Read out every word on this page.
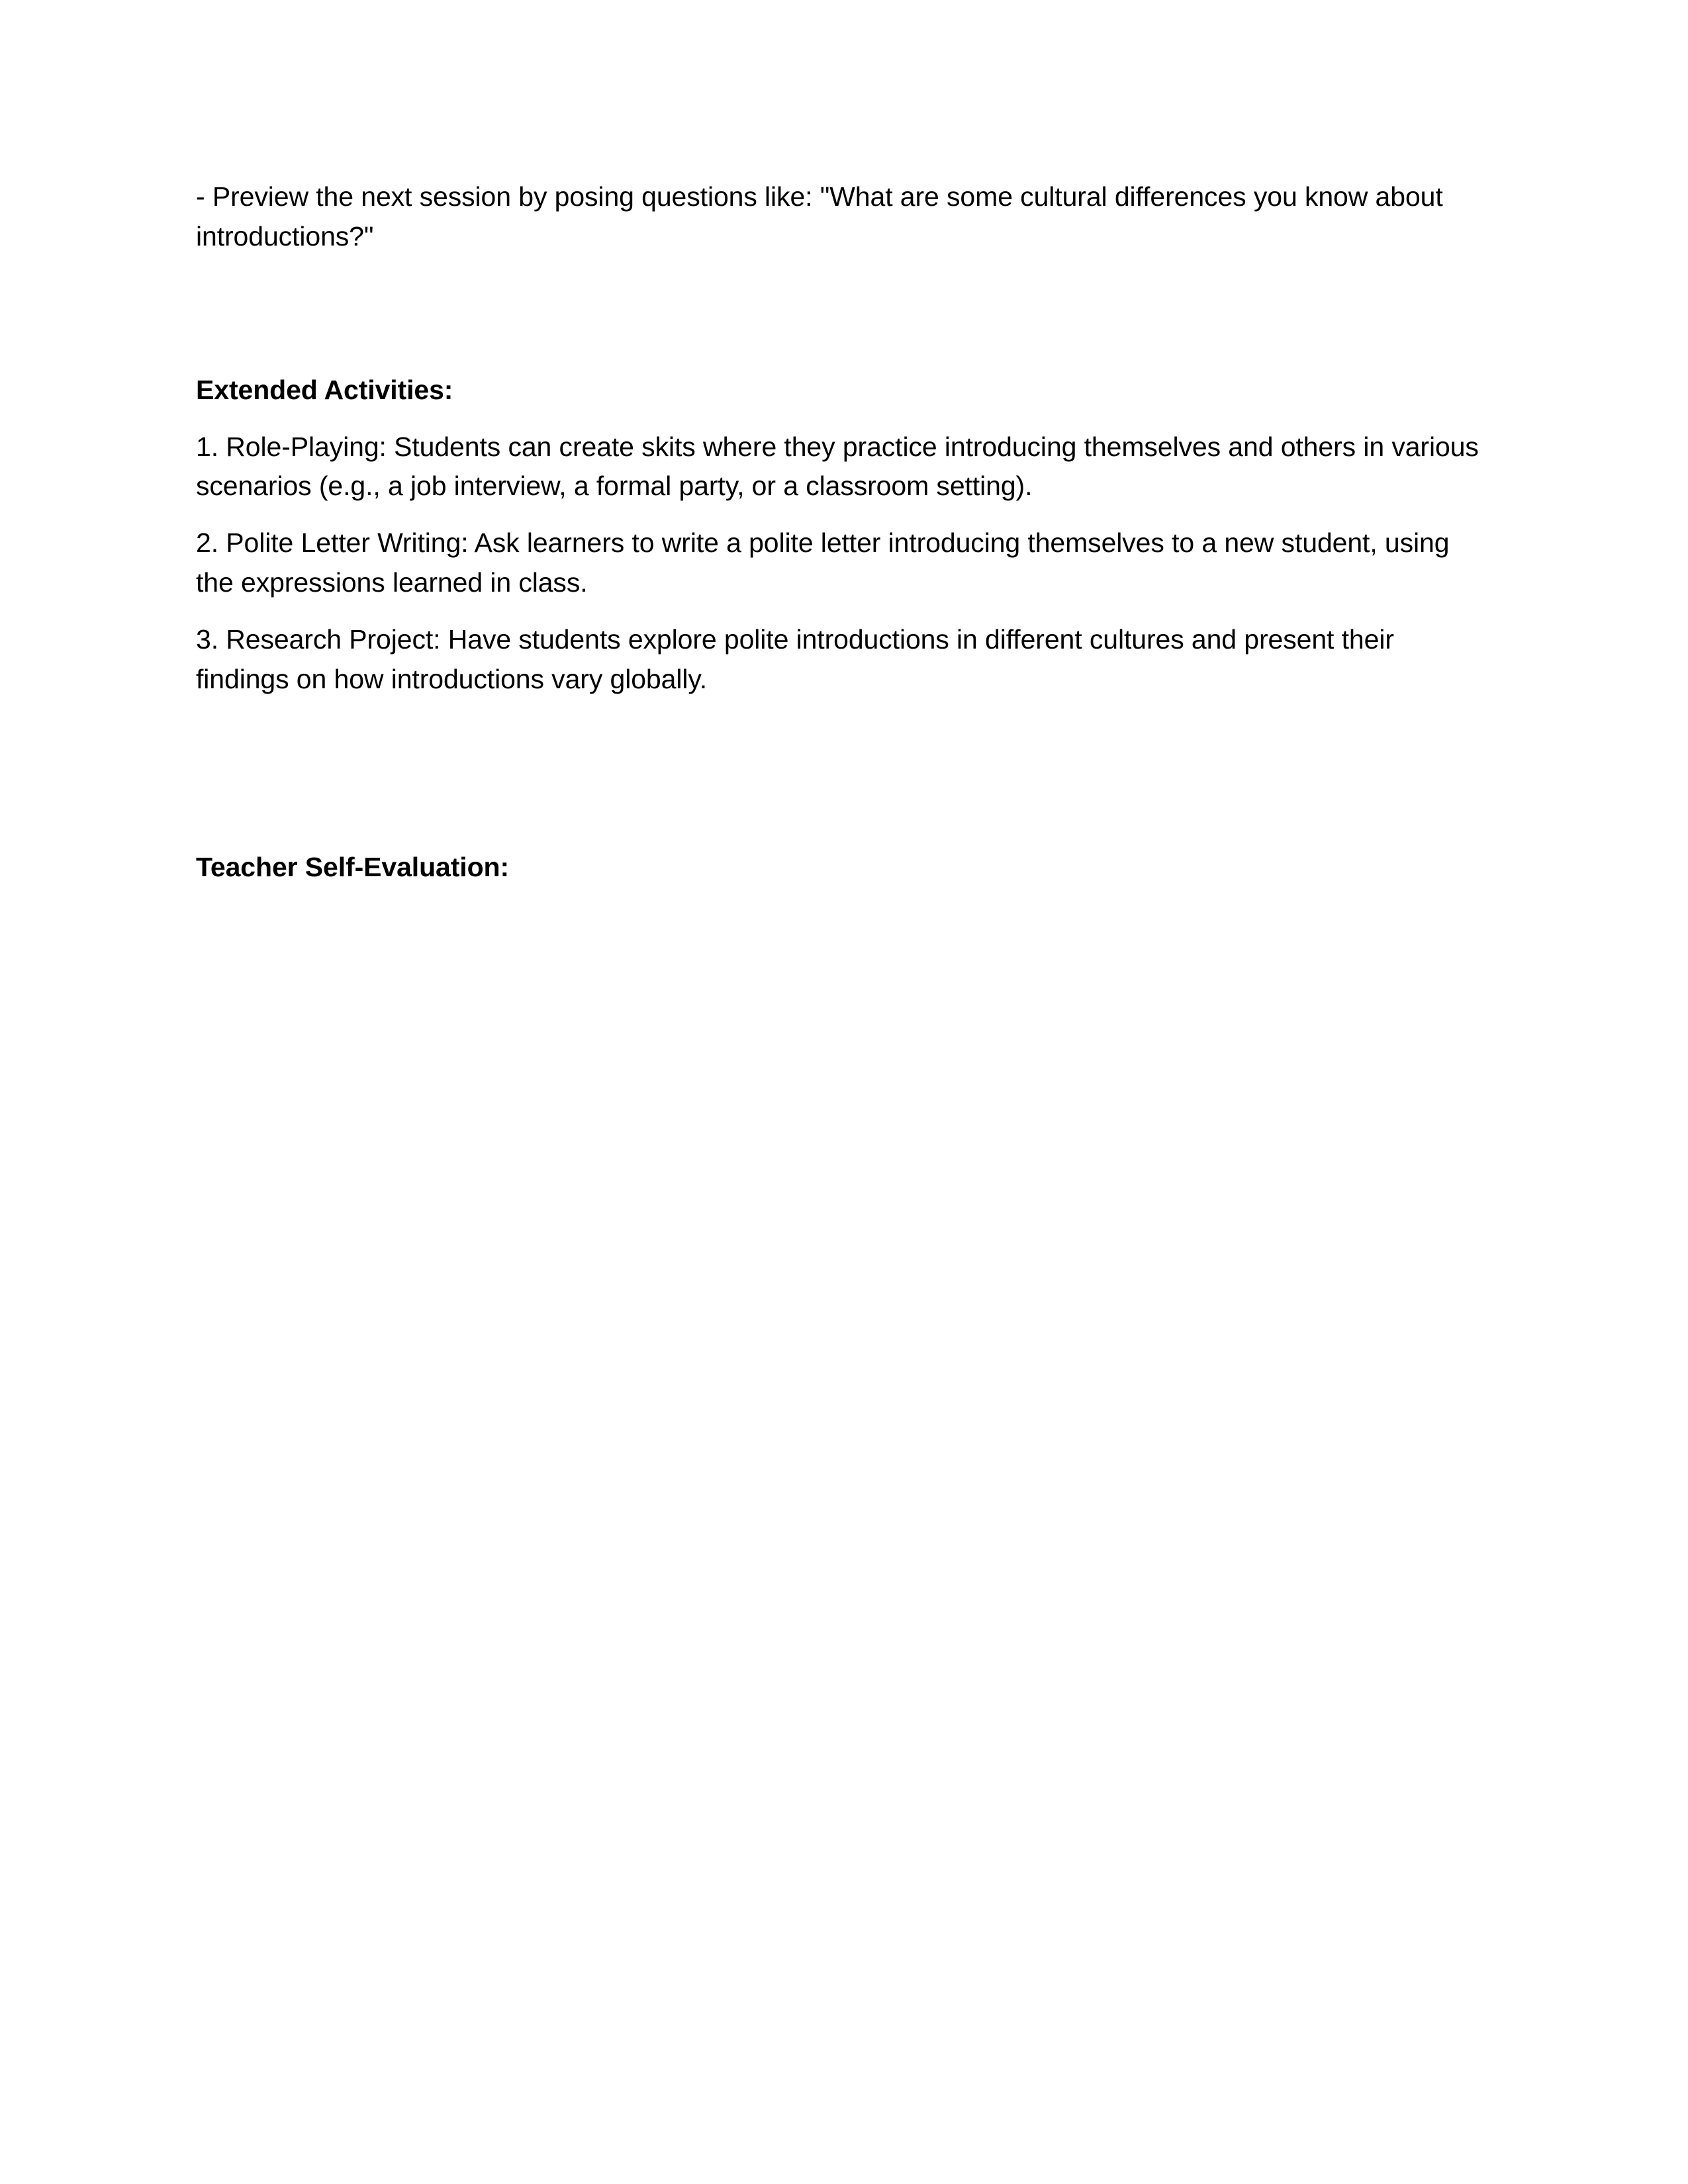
- Preview the next session by posing questions like: "What are some cultural differences you know about introductions?"

Extended Activities:

1. Role-Playing: Students can create skits where they practice introducing themselves and others in various scenarios (e.g., a job interview, a formal party, or a classroom setting).

2. Polite Letter Writing: Ask learners to write a polite letter introducing themselves to a new student, using the expressions learned in class.

3. Research Project: Have students explore polite introductions in different cultures and present their findings on how introductions vary globally.

Teacher Self-Evaluation:
